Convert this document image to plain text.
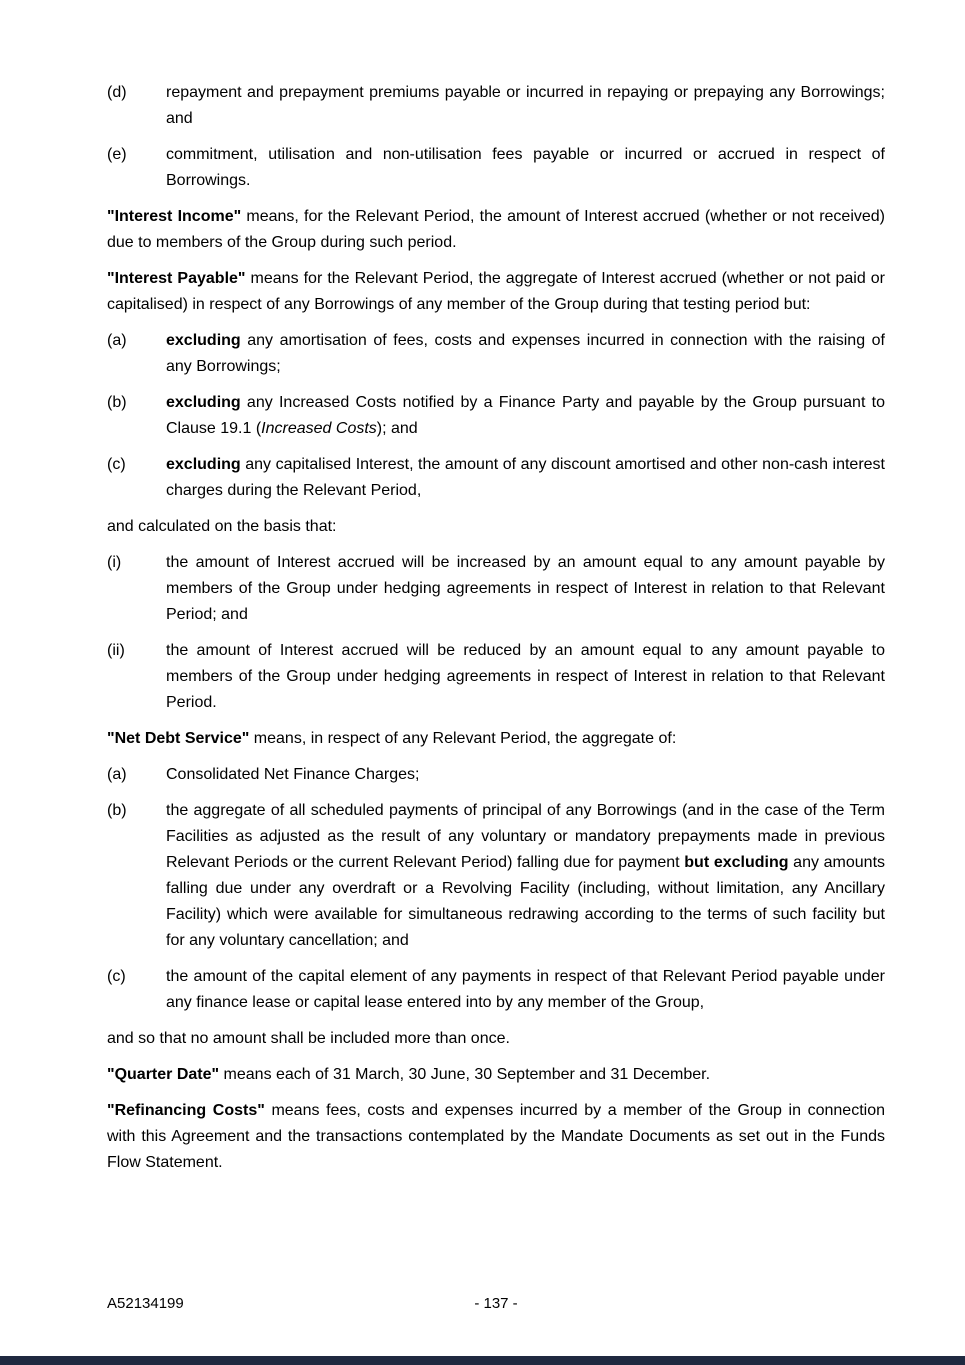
(d)	repayment and prepayment premiums payable or incurred in repaying or prepaying any Borrowings; and
(e)	commitment, utilisation and non-utilisation fees payable or incurred or accrued in respect of Borrowings.
"Interest Income" means, for the Relevant Period, the amount of Interest accrued (whether or not received) due to members of the Group during such period.
"Interest Payable" means for the Relevant Period, the aggregate of Interest accrued (whether or not paid or capitalised) in respect of any Borrowings of any member of the Group during that testing period but:
(a)	excluding any amortisation of fees, costs and expenses incurred in connection with the raising of any Borrowings;
(b)	excluding any Increased Costs notified by a Finance Party and payable by the Group pursuant to Clause 19.1 (Increased Costs); and
(c)	excluding any capitalised Interest, the amount of any discount amortised and other non-cash interest charges during the Relevant Period,
and calculated on the basis that:
(i)	the amount of Interest accrued will be increased by an amount equal to any amount payable by members of the Group under hedging agreements in respect of Interest in relation to that Relevant Period; and
(ii)	the amount of Interest accrued will be reduced by an amount equal to any amount payable to members of the Group under hedging agreements in respect of Interest in relation to that Relevant Period.
"Net Debt Service" means, in respect of any Relevant Period, the aggregate of:
(a)	Consolidated Net Finance Charges;
(b)	the aggregate of all scheduled payments of principal of any Borrowings (and in the case of the Term Facilities as adjusted as the result of any voluntary or mandatory prepayments made in previous Relevant Periods or the current Relevant Period) falling due for payment but excluding any amounts falling due under any overdraft or a Revolving Facility (including, without limitation, any Ancillary Facility) which were available for simultaneous redrawing according to the terms of such facility but for any voluntary cancellation; and
(c)	the amount of the capital element of any payments in respect of that Relevant Period payable under any finance lease or capital lease entered into by any member of the Group,
and so that no amount shall be included more than once.
"Quarter Date" means each of 31 March, 30 June, 30 September and 31 December.
"Refinancing Costs" means fees, costs and expenses incurred by a member of the Group in connection with this Agreement and the transactions contemplated by the Mandate Documents as set out in the Funds Flow Statement.
A52134199	- 137 -
